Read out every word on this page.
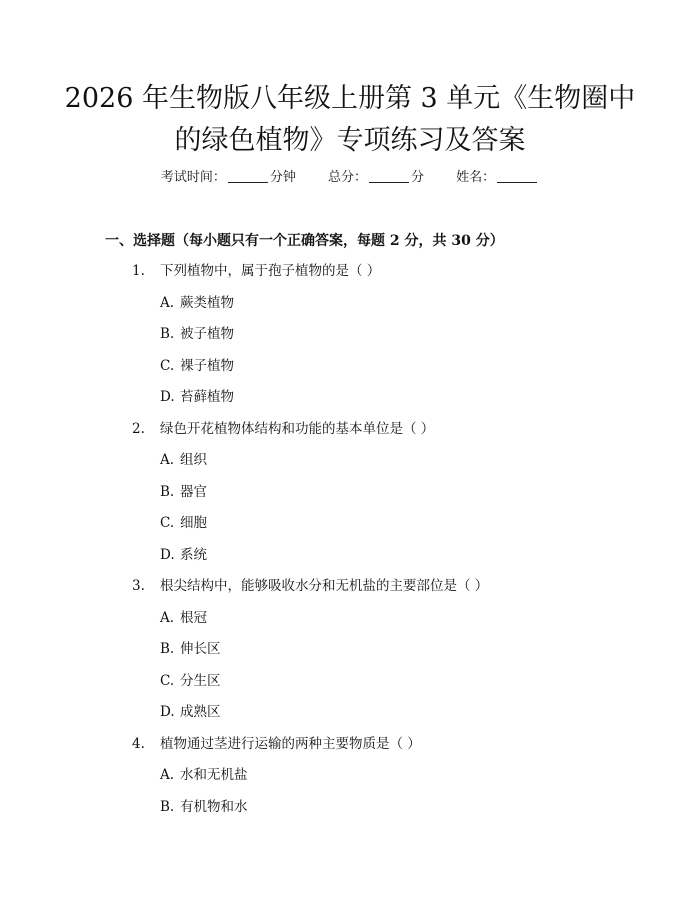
2026 年生物版八年级上册第 3 单元《生物圈中的绿色植物》专项练习及答案
考试时间：	分钟 总分：	分 姓名：
一、选择题（每小题只有一个正确答案，每题 2 分，共 30 分）
1. 下列植物中，属于孢子植物的是（ ）
A. 蕨类植物
B. 被子植物
C. 裸子植物
D. 苔藓植物
2. 绿色开花植物体结构和功能的基本单位是（ ）
A. 组织
B. 器官
C. 细胞
D. 系统
3. 根尖结构中，能够吸收水分和无机盐的主要部位是（ ）
A. 根冠
B. 伸长区
C. 分生区
D. 成熟区
4. 植物通过茎进行运输的两种主要物质是（ ）
A. 水和无机盐
B. 有机物和水
